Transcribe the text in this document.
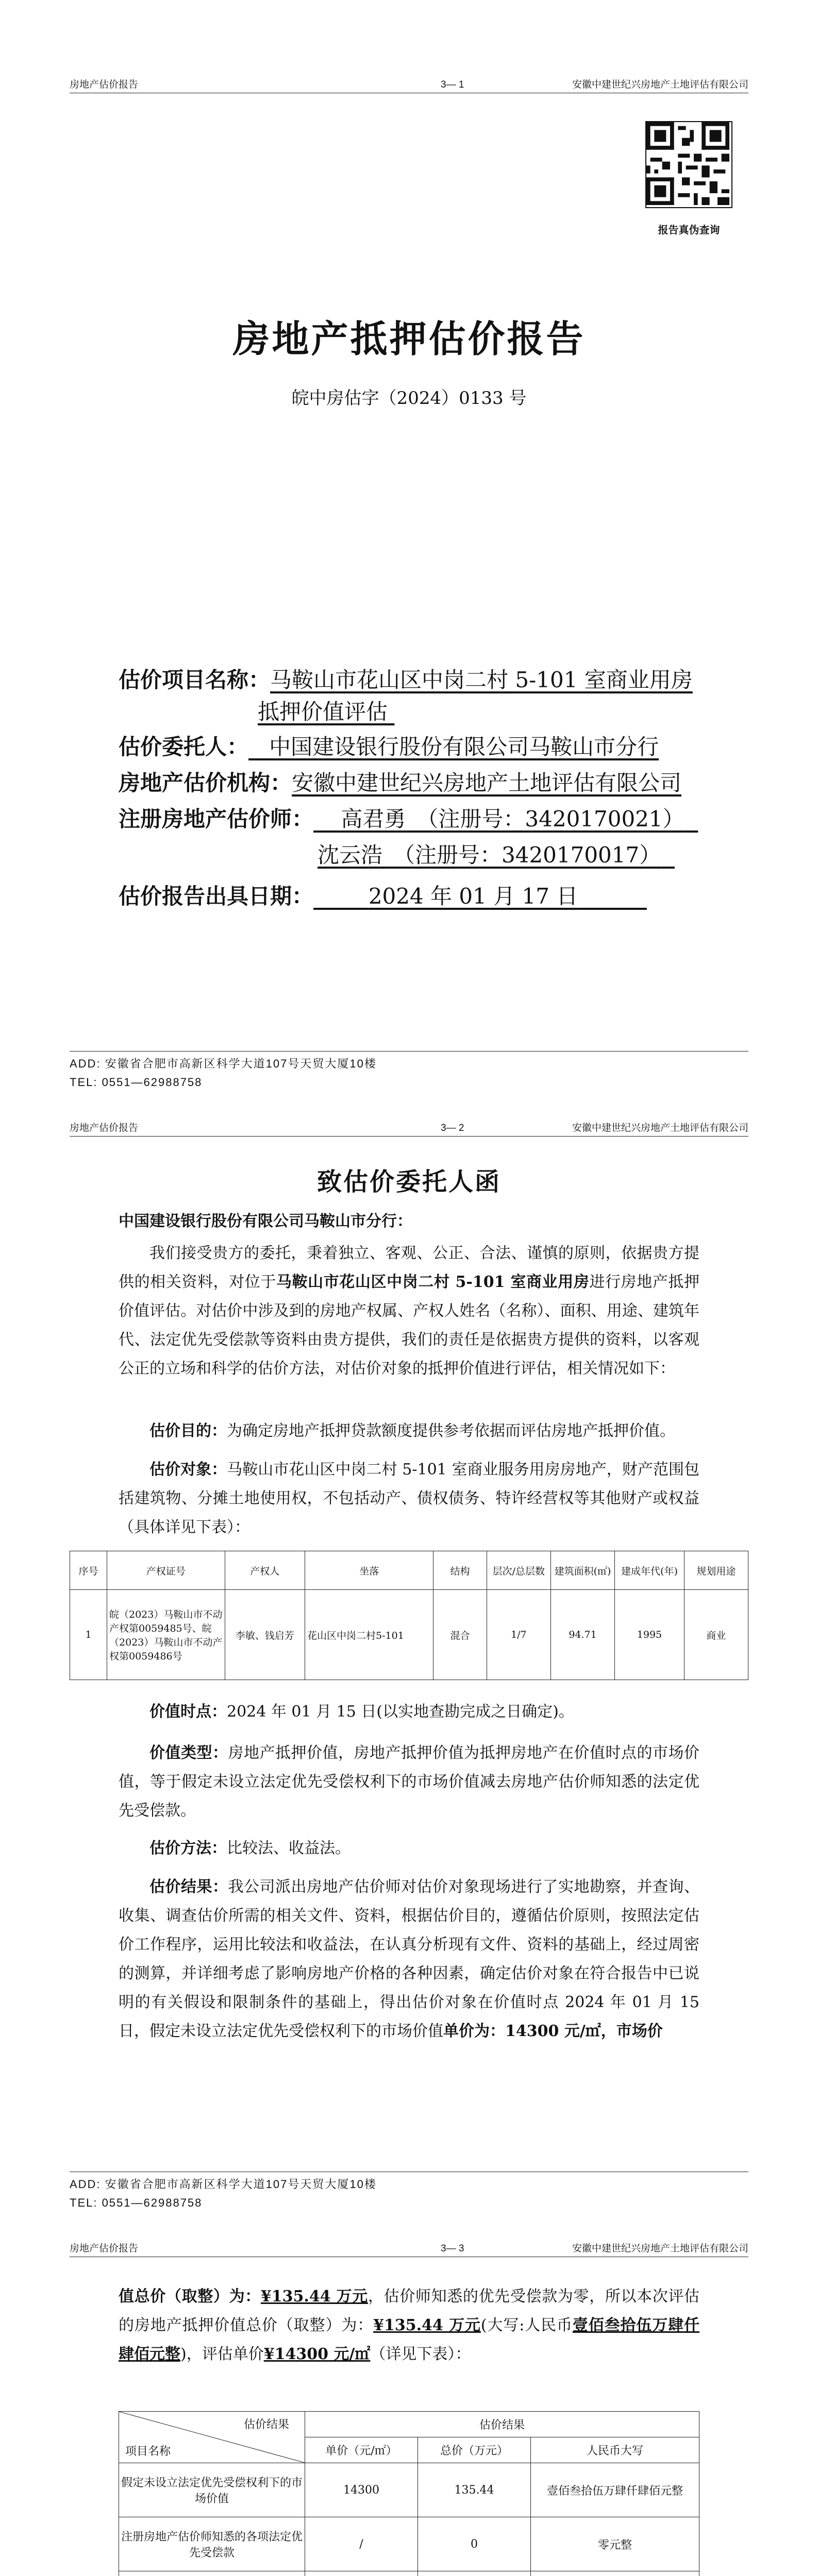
房地产估价报告	3— 1	安徽中建世纪兴房地产土地评估有限公司
报告真伪查询
房地产抵押估价报告
皖中房估字（2024）0133 号
估价项目名称：马鞍山市花山区中岗二村 5-101 室商业用房
抵押价值评估
估价委托人： 中国建设银行股份有限公司马鞍山市分行
房地产估价机构：安徽中建世纪兴房地产土地评估有限公司
注册房地产估价师： 高君勇　（注册号：3420170021）
沈云浩　（注册号：3420170017）
估价报告出具日期：	2024 年 01 月 17 日
ADD: 安徽省合肥市高新区科学大道107号天贸大厦10楼
TEL: 0551—62988758
房地产估价报告	3— 2	安徽中建世纪兴房地产土地评估有限公司
致估价委托人函
中国建设银行股份有限公司马鞍山市分行：
我们接受贵方的委托，秉着独立、客观、公正、合法、谨慎的原则，依据贵方提供的相关资料，对位于马鞍山市花山区中岗二村 5-101 室商业用房进行房地产抵押价值评估。对估价中涉及到的房地产权属、产权人姓名（名称）、面积、用途、建筑年代、法定优先受偿款等资料由贵方提供，我们的责任是依据贵方提供的资料，以客观公正的立场和科学的估价方法，对估价对象的抵押价值进行评估，相关情况如下：
估价目的：为确定房地产抵押贷款额度提供参考依据而评估房地产抵押价值。
估价对象：马鞍山市花山区中岗二村 5-101 室商业服务用房房地产，财产范围包括建筑物、分摊土地使用权，不包括动产、债权债务、特许经营权等其他财产或权益（具体详见下表）：
序号	产权证号	产权人	坐落	结构	层次/总层数	建筑面积(㎡)	建成年代(年)	规划用途
1	皖（2023）马鞍山市不动产权第0059485号、皖（2023）马鞍山市不动产权第0059486号	李敏、钱启芳	花山区中岗二村5-101	混合	1/7	94.71	1995	商业
价值时点：2024 年 01 月 15 日(以实地查勘完成之日确定)。
价值类型：房地产抵押价值，房地产抵押价值为抵押房地产在价值时点的市场价值，等于假定未设立法定优先受偿权利下的市场价值减去房地产估价师知悉的法定优先受偿款。
估价方法：比较法、收益法。
估价结果：我公司派出房地产估价师对估价对象现场进行了实地勘察，并查询、收集、调查估价所需的相关文件、资料，根据估价目的，遵循估价原则，按照法定估价工作程序，运用比较法和收益法，在认真分析现有文件、资料的基础上，经过周密的测算，并详细考虑了影响房地产价格的各种因素，确定估价对象在符合报告中已说明的有关假设和限制条件的基础上，得出估价对象在价值时点 2024 年 01 月 15 日，假定未设立法定优先受偿权利下的市场价值单价为：14300 元/㎡，市场价
ADD: 安徽省合肥市高新区科学大道107号天贸大厦10楼
TEL: 0551—62988758
房地产估价报告	3— 3	安徽中建世纪兴房地产土地评估有限公司
值总价（取整）为：¥135.44 万元，估价师知悉的优先受偿款为零，所以本次评估的房地产抵押价值总价（取整）为：¥135.44 万元(大写:人民币壹佰叁拾伍万肆仟肆佰元整)，评估单价¥14300 元/㎡（详见下表）：
估价结果
项目名称	估价结果		
	单价（元/㎡）	总价（万元）	人民币大写
假定未设立法定优先受偿权利下的市场价值	14300	135.44	壹佰叁拾伍万肆仟肆佰元整
注册房地产估价师知悉的各项法定优先受偿款	/	0	零元整
